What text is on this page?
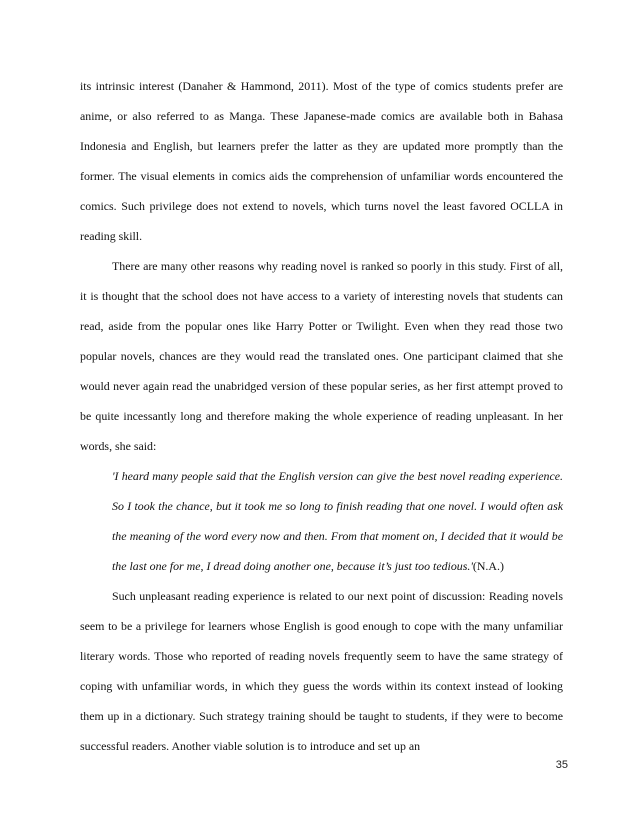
its intrinsic interest (Danaher & Hammond, 2011). Most of the type of comics students prefer are anime, or also referred to as Manga. These Japanese-made comics are available both in Bahasa Indonesia and English, but learners prefer the latter as they are updated more promptly than the former. The visual elements in comics aids the comprehension of unfamiliar words encountered the comics. Such privilege does not extend to novels, which turns novel the least favored OCLLA in reading skill.

There are many other reasons why reading novel is ranked so poorly in this study. First of all, it is thought that the school does not have access to a variety of interesting novels that students can read, aside from the popular ones like Harry Potter or Twilight. Even when they read those two popular novels, chances are they would read the translated ones. One participant claimed that she would never again read the unabridged version of these popular series, as her first attempt proved to be quite incessantly long and therefore making the whole experience of reading unpleasant. In her words, she said:

'I heard many people said that the English version can give the best novel reading experience. So I took the chance, but it took me so long to finish reading that one novel. I would often ask the meaning of the word every now and then. From that moment on, I decided that it would be the last one for me, I dread doing another one, because it’s just too tedious.'(N.A.)

Such unpleasant reading experience is related to our next point of discussion: Reading novels seem to be a privilege for learners whose English is good enough to cope with the many unfamiliar literary words. Those who reported of reading novels frequently seem to have the same strategy of coping with unfamiliar words, in which they guess the words within its context instead of looking them up in a dictionary. Such strategy training should be taught to students, if they were to become successful readers. Another viable solution is to introduce and set up an

35
